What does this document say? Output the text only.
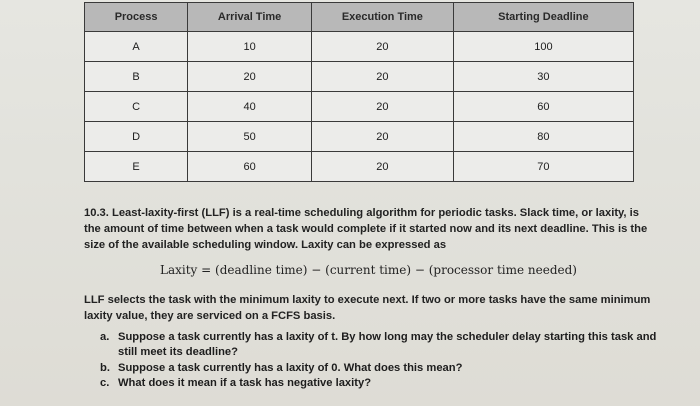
Process	Arrival Time	Execution Time	Starting Deadline
A	10	20	100
B	20	20	30
C	40	20	60
D	50	20	80
E	60	20	70

10.3. Least-laxity-first (LLF) is a real-time scheduling algorithm for periodic tasks. Slack time, or laxity, is the amount of time between when a task would complete if it started now and its next deadline. This is the size of the available scheduling window. Laxity can be expressed as

Laxity = (deadline time) − (current time) − (processor time needed)

LLF selects the task with the minimum laxity to execute next. If two or more tasks have the same minimum laxity value, they are serviced on a FCFS basis.

a. Suppose a task currently has a laxity of t. By how long may the scheduler delay starting this task and still meet its deadline?
b. Suppose a task currently has a laxity of 0. What does this mean?
c. What does it mean if a task has negative laxity?
